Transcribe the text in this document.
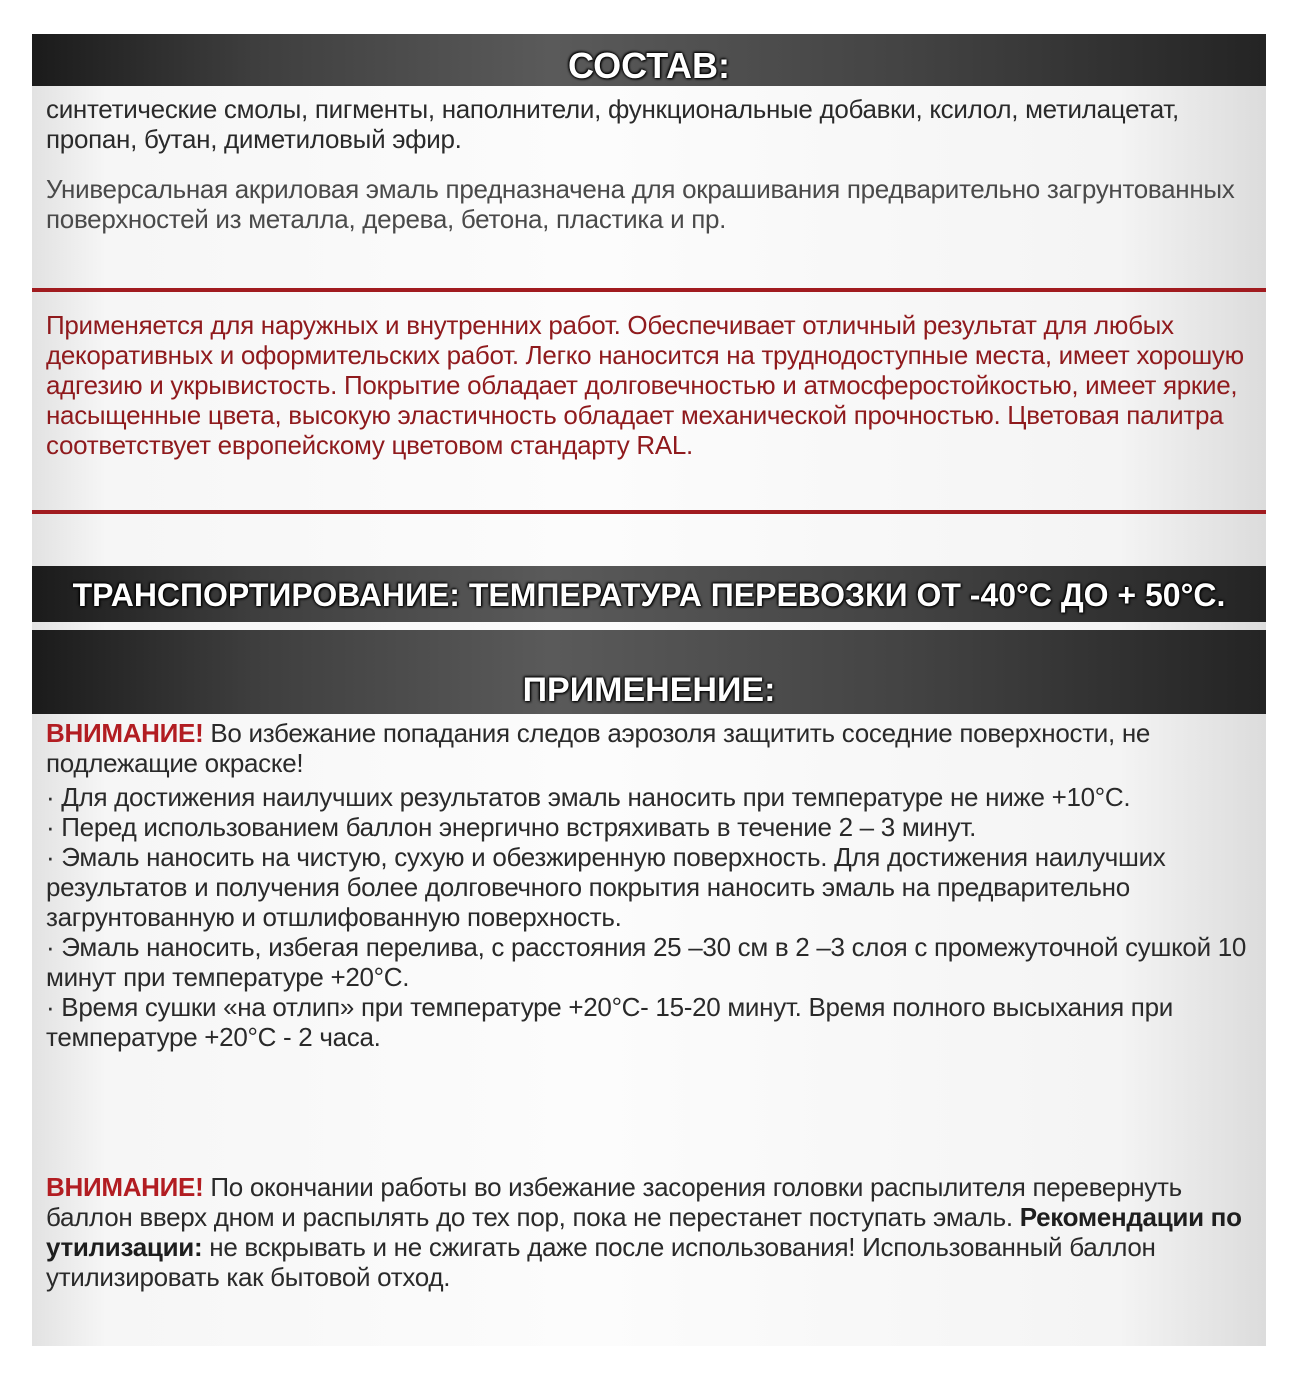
СОСТАВ:
синтетические смолы, пигменты, наполнители, функциональные добавки, ксилол, метилацетат, пропан, бутан, диметиловый эфир.
Универсальная акриловая эмаль предназначена для окрашивания предварительно загрунтованных поверхностей из металла, дерева, бетона, пластика и пр.
Применяется для наружных и внутренних работ. Обеспечивает отличный результат для любых декоративных и оформительских работ. Легко наносится на труднодоступные места, имеет хорошую адгезию и укрывистость. Покрытие обладает долговечностью и атмосферостойкостью, имеет яркие, насыщенные цвета, высокую эластичность обладает механической прочностью. Цветовая палитра соответствует европейскому цветовом стандарту RAL.
ТРАНСПОРТИРОВАНИЕ: ТЕМПЕРАТУРА ПЕРЕВОЗКИ ОТ -40°С ДО + 50°С.
ПРИМЕНЕНИЕ:
ВНИМАНИЕ! Во избежание попадания следов аэрозоля защитить соседние поверхности, не подлежащие окраске!
· Для достижения наилучших результатов эмаль наносить при температуре не ниже +10°С.
· Перед использованием баллон энергично встряхивать в течение 2 – 3 минут.
· Эмаль наносить на чистую, сухую и обезжиренную поверхность. Для достижения наилучших результатов и получения более долговечного покрытия наносить эмаль на предварительно загрунтованную и отшлифованную поверхность.
· Эмаль наносить, избегая перелива, с расстояния 25 –30 см в 2 –3 слоя с промежуточной сушкой 10 минут при температуре +20°С.
· Время сушки «на отлип» при температуре +20°С- 15-20 минут. Время полного высыхания при температуре +20°С - 2 часа.
ВНИМАНИЕ! По окончании работы во избежание засорения головки распылителя перевернуть баллон вверх дном и распылять до тех пор, пока не перестанет поступать эмаль. Рекомендации по утилизации: не вскрывать и не сжигать даже после использования! Использованный баллон утилизировать как бытовой отход.
